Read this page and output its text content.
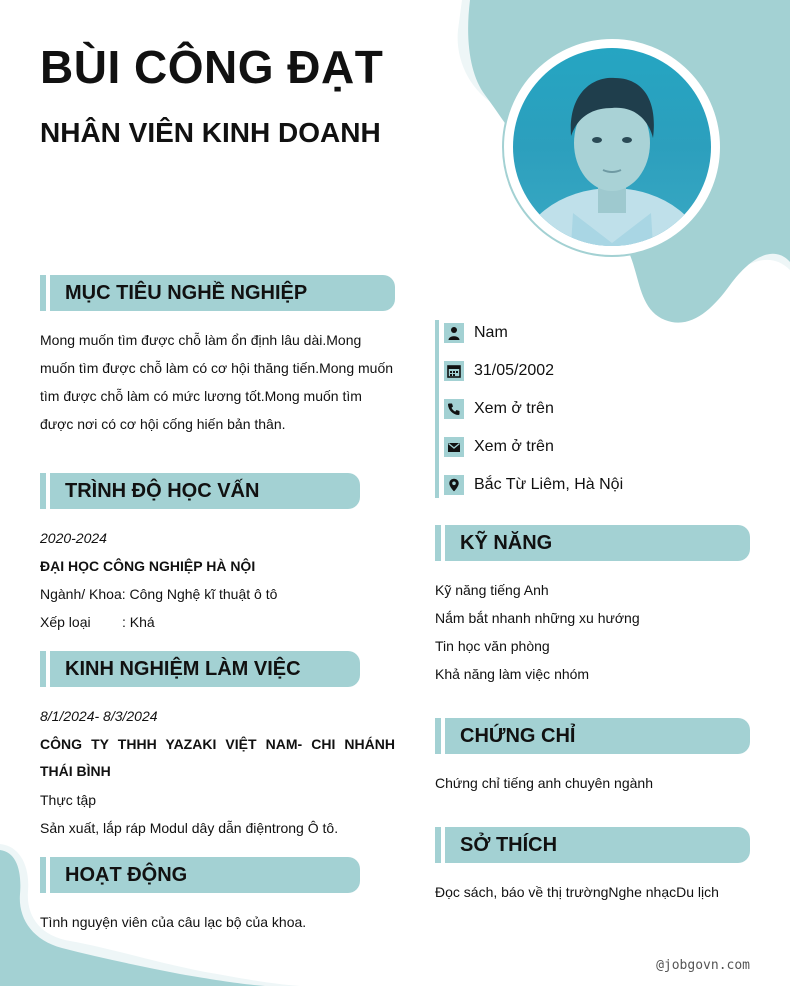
BÙI CÔNG ĐẠT
NHÂN VIÊN KINH DOANH
MỤC TIÊU NGHỀ NGHIỆP
Mong muốn tìm được chỗ làm ổn định lâu dài.Mong
muốn tìm được chỗ làm có cơ hội thăng tiến.Mong muốn
tìm được chỗ làm có mức lương tốt.Mong muốn tìm
được nơi có cơ hội cống hiến bản thân.
TRÌNH ĐỘ HỌC VẤN
2020-2024
ĐẠI HỌC CÔNG NGHIỆP HÀ NỘI
Ngành/ Khoa: Công Nghệ kĩ thuật ô tô
Xếp loại : Khá
KINH NGHIỆM LÀM VIỆC
8/1/2024- 8/3/2024
CÔNG TY THHH YAZAKI VIỆT NAM- CHI NHÁNH
THÁI BÌNH
Thực tập
Sản xuất, lắp ráp Modul dây dẫn điệntrong Ô tô.
HOẠT ĐỘNG
Tình nguyện viên của câu lạc bộ của khoa.
Nam
31/05/2002
Xem ở trên
Xem ở trên
Bắc Từ Liêm, Hà Nội
KỸ NĂNG
Kỹ năng tiếng Anh
Nắm bắt nhanh những xu hướng
Tin học văn phòng
Khả năng làm việc nhóm
CHỨNG CHỈ
Chứng chỉ tiếng anh chuyên ngành
SỞ THÍCH
Đọc sách, báo về thị trườngNghe nhạcDu lịch
@jobgovn.com
